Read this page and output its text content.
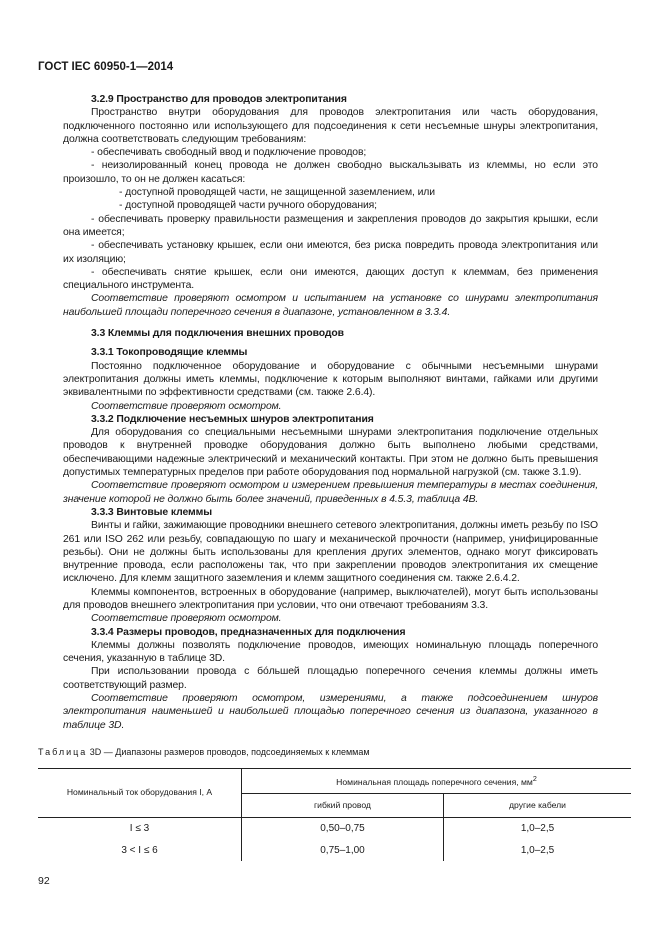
ГОСТ IEC 60950-1—2014

3.2.9 Пространство для проводов электропитания

Пространство внутри оборудования для проводов электропитания или часть оборудования, подключенного постоянно или использующего для подсоединения к сети несъемные шнуры электропитания, должна соответствовать следующим требованиям:

- обеспечивать свободный ввод и подключение проводов;

- неизолированный конец провода не должен свободно выскальзывать из клеммы, но если это произошло, то он не должен касаться:

- доступной проводящей части, не защищенной заземлением, или

- доступной проводящей части ручного оборудования;

- обеспечивать проверку правильности размещения и закрепления проводов до закрытия крышки, если она имеется;

- обеспечивать установку крышек, если они имеются, без риска повредить провода электропитания или их изоляцию;

- обеспечивать снятие крышек, если они имеются, дающих доступ к клеммам, без применения специального инструмента.

Соответствие проверяют осмотром и испытанием на установке со шнурами электропитания наибольшей площади поперечного сечения в диапазоне, установленном в 3.3.4.

3.3 Клеммы для подключения внешних проводов

3.3.1 Токопроводящие клеммы

Постоянно подключенное оборудование и оборудование с обычными несъемными шнурами электропитания должны иметь клеммы, подключение к которым выполняют винтами, гайками или другими эквивалентными по эффективности средствами (см. также 2.6.4).

Соответствие проверяют осмотром.

3.3.2 Подключение несъемных шнуров электропитания

Для оборудования со специальными несъемными шнурами электропитания подключение отдельных проводов к внутренней проводке оборудования должно быть выполнено любыми средствами, обеспечивающими надежные электрический и механический контакты. При этом не должно быть превышения допустимых температурных пределов при работе оборудования под нормальной нагрузкой (см. также 3.1.9).

Соответствие проверяют осмотром и измерением превышения температуры в местах соединения, значение которой не должно быть более значений, приведенных в 4.5.3, таблица 4В.

3.3.3 Винтовые клеммы

Винты и гайки, зажимающие проводники внешнего сетевого электропитания, должны иметь резьбу по ISO 261 или ISO 262 или резьбу, совпадающую по шагу и механической прочности (например, унифицированные резьбы). Они не должны быть использованы для крепления других элементов, однако могут фиксировать внутренние провода, если расположены так, что при закреплении проводов электропитания их смещение исключено. Для клемм защитного заземления и клемм защитного соединения см. также 2.6.4.2.

Клеммы компонентов, встроенных в оборудование (например, выключателей), могут быть использованы для проводов внешнего электропитания при условии, что они отвечают требованиям 3.3.

Соответствие проверяют осмотром.

3.3.4 Размеры проводов, предназначенных для подключения

Клеммы должны позволять подключение проводов, имеющих номинальную площадь поперечного сечения, указанную в таблице 3D.

При использовании провода с бóльшей площадью поперечного сечения клеммы должны иметь соответствующий размер.

Соответствие проверяют осмотром, измерениями, а также подсоединением шнуров электропитания наименьшей и наибольшей площадью поперечного сечения из диапазона, указанного в таблице 3D.

Таблица 3D — Диапазоны размеров проводов, подсоединяемых к клеммам
Номинальный ток оборудования I, А	Номинальная площадь поперечного сечения, $мм^2$
	гибкий провод	другие кабели
I ≤ 3	0,50–0,75	1,0–2,5
3 < I ≤ 6	0,75–1,00	1,0–2,5
92
